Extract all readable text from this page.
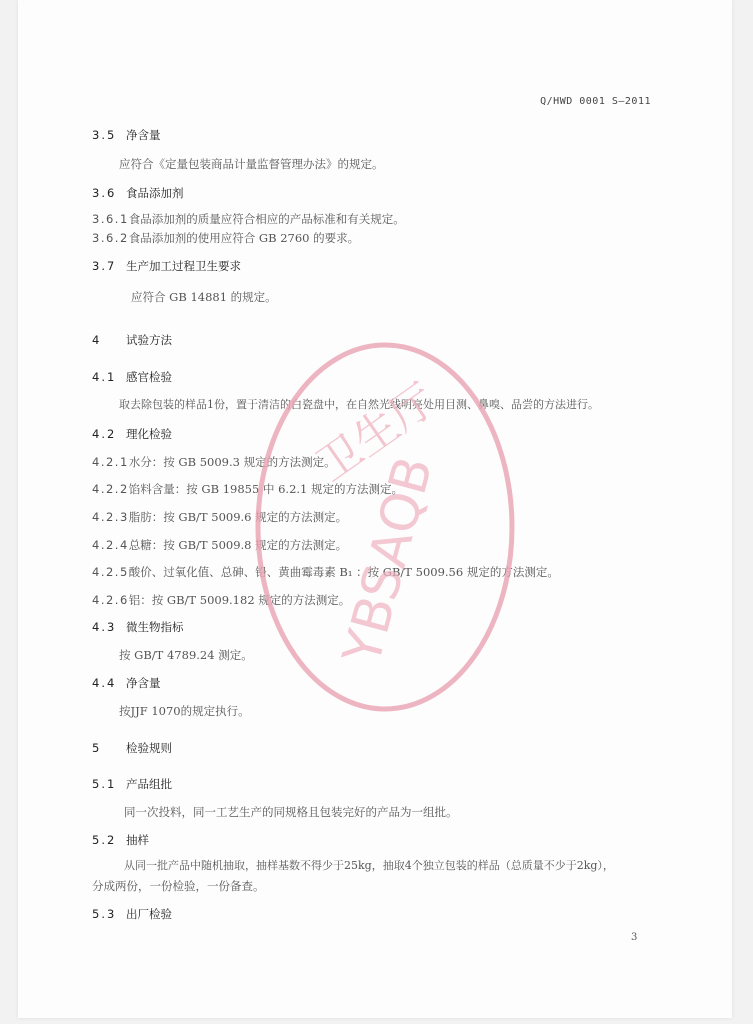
Q/HWD 0001 S—2011
3.5 净含量
应符合《定量包装商品计量监督管理办法》的规定。
3.6 食品添加剂
3.6.1食品添加剂的质量应符合相应的产品标准和有关规定。
3.6.2食品添加剂的使用应符合 GB 2760 的要求。
3.7 生产加工过程卫生要求
应符合 GB 14881 的规定。
4 试验方法
4.1 感官检验
取去除包装的样品1份，置于清洁的白瓷盘中，在自然光线明亮处用目测、鼻嗅、品尝的方法进行。
4.2 理化检验
4.2.1水分：按 GB 5009.3 规定的方法测定。
4.2.2馅料含量：按 GB 19855 中 6.2.1 规定的方法测定。
4.2.3脂肪：按 GB/T 5009.6 规定的方法测定。
4.2.4总糖：按 GB/T 5009.8 规定的方法测定。
4.2.5酸价、过氧化值、总砷、铅、黄曲霉毒素 B₁ ：按 GB/T 5009.56 规定的方法测定。
4.2.6铝：按 GB/T 5009.182 规定的方法测定。
4.3 微生物指标
按 GB/T 4789.24 测定。
4.4 净含量
按JJF 1070的规定执行。
5 检验规则
5.1 产品组批
同一次投料，同一工艺生产的同规格且包装完好的产品为一组批。
5.2 抽样
从同一批产品中随机抽取，抽样基数不得少于25kg，抽取4个独立包装的样品（总质量不少于2kg），
分成两份，一份检验，一份备查。
5.3 出厂检验
3
卫生厅
YBSAQB
